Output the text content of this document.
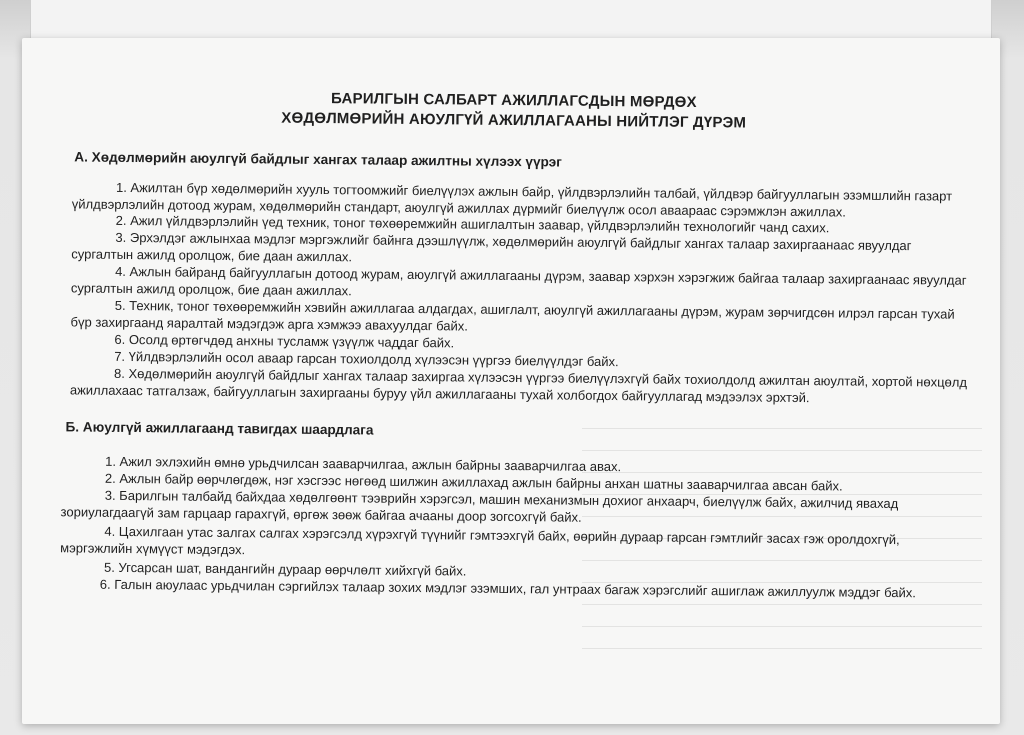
БАРИЛГЫН САЛБАРТ АЖИЛЛАГСДЫН МӨРДӨХ
ХӨДӨЛМӨРИЙН АЮУЛГҮЙ АЖИЛЛАГААНЫ НИЙТЛЭГ ДҮРЭМ
А. Хөдөлмөрийн аюулгүй байдлыг хангах талаар ажилтны хүлээх үүрэг
1. Ажилтан бүр хөдөлмөрийн хууль тогтоомжийг биелүүлэх ажлын байр, үйлдвэрлэлийн талбай, үйлдвэр байгууллагын эзэмшлийн газарт үйлдвэрлэлийн дотоод журам, хөдөлмөрийн стандарт, аюулгүй ажиллах дүрмийг биелүүлж осол аваараас сэрэмжлэн ажиллах.
2. Ажил үйлдвэрлэлийн үед техник, тоног төхөөремжийн ашиглалтын заавар, үйлдвэрлэлийн технологийг чанд сахих.
3. Эрхэлдэг ажлынхаа мэдлэг мэргэжлийг байнга дээшлүүлж, хөдөлмөрийн аюулгүй байдлыг хангах талаар захиргаанаас явуулдаг сургалтын ажилд оролцож, бие даан ажиллах.
4. Ажлын байранд байгууллагын дотоод журам, аюулгүй ажиллагааны дүрэм, заавар хэрхэн хэрэгжиж байгаа талаар захиргаанаас явуулдаг сургалтын ажилд оролцож, бие даан ажиллах.
5. Техник, тоног төхөөремжийн хэвийн ажиллагаа алдагдах, ашиглалт, аюулгүй ажиллагааны дүрэм, журам зөрчигдсөн илрэл гарсан тухай бүр захиргаанд яаралтай мэдэгдэж арга хэмжээ авахуулдаг байх.
6. Осолд өртөгчдөд анхны тусламж үзүүлж чаддаг байх.
7. Үйлдвэрлэлийн осол аваар гарсан тохиолдолд хүлээсэн үүргээ биелүүлдэг байх.
8. Хөдөлмөрийн аюулгүй байдлыг хангах талаар захиргаа хүлээсэн үүргээ биелүүлэхгүй байх тохиолдолд ажилтан аюултай, хортой нөхцөлд ажиллахаас татгалзаж, байгууллагын захиргааны буруу үйл ажиллагааны тухай холбогдох байгууллагад мэдээлэх эрхтэй.
Б. Аюулгүй ажиллагаанд тавигдах шаардлага
1. Ажил эхлэхийн өмнө урьдчилсан зааварчилгаа, ажлын байрны зааварчилгаа авах.
2. Ажлын байр өөрчлөгдөж, нэг хэсгээс нөгөөд шилжин ажиллахад ажлын байрны анхан шатны зааварчилгаа авсан байх.
3. Барилгын талбайд байхдаа хөдөлгөөнт тээврийн хэрэгсэл, машин механизмын дохиог анхаарч, биелүүлж байх, ажилчид явахад зориулагдаагүй зам гарцаар гарахгүй, өргөж зөөж байгаа ачааны доор зогсохгүй байх.
4. Цахилгаан утас залгах салгах хэрэгсэлд хүрэхгүй түүнийг гэмтээхгүй байх, өөрийн дураар гарсан гэмтлийг засах гэж оролдохгүй, мэргэжлийн хүмүүст мэдэгдэх.
5. Угсарсан шат, вандангийн дураар өөрчлөлт хийхгүй байх.
6. Галын аюулаас урьдчилан сэргийлэх талаар зохих мэдлэг эзэмших, гал унтраах багаж хэрэгслийг ашиглаж ажиллуулж мэддэг байх.
